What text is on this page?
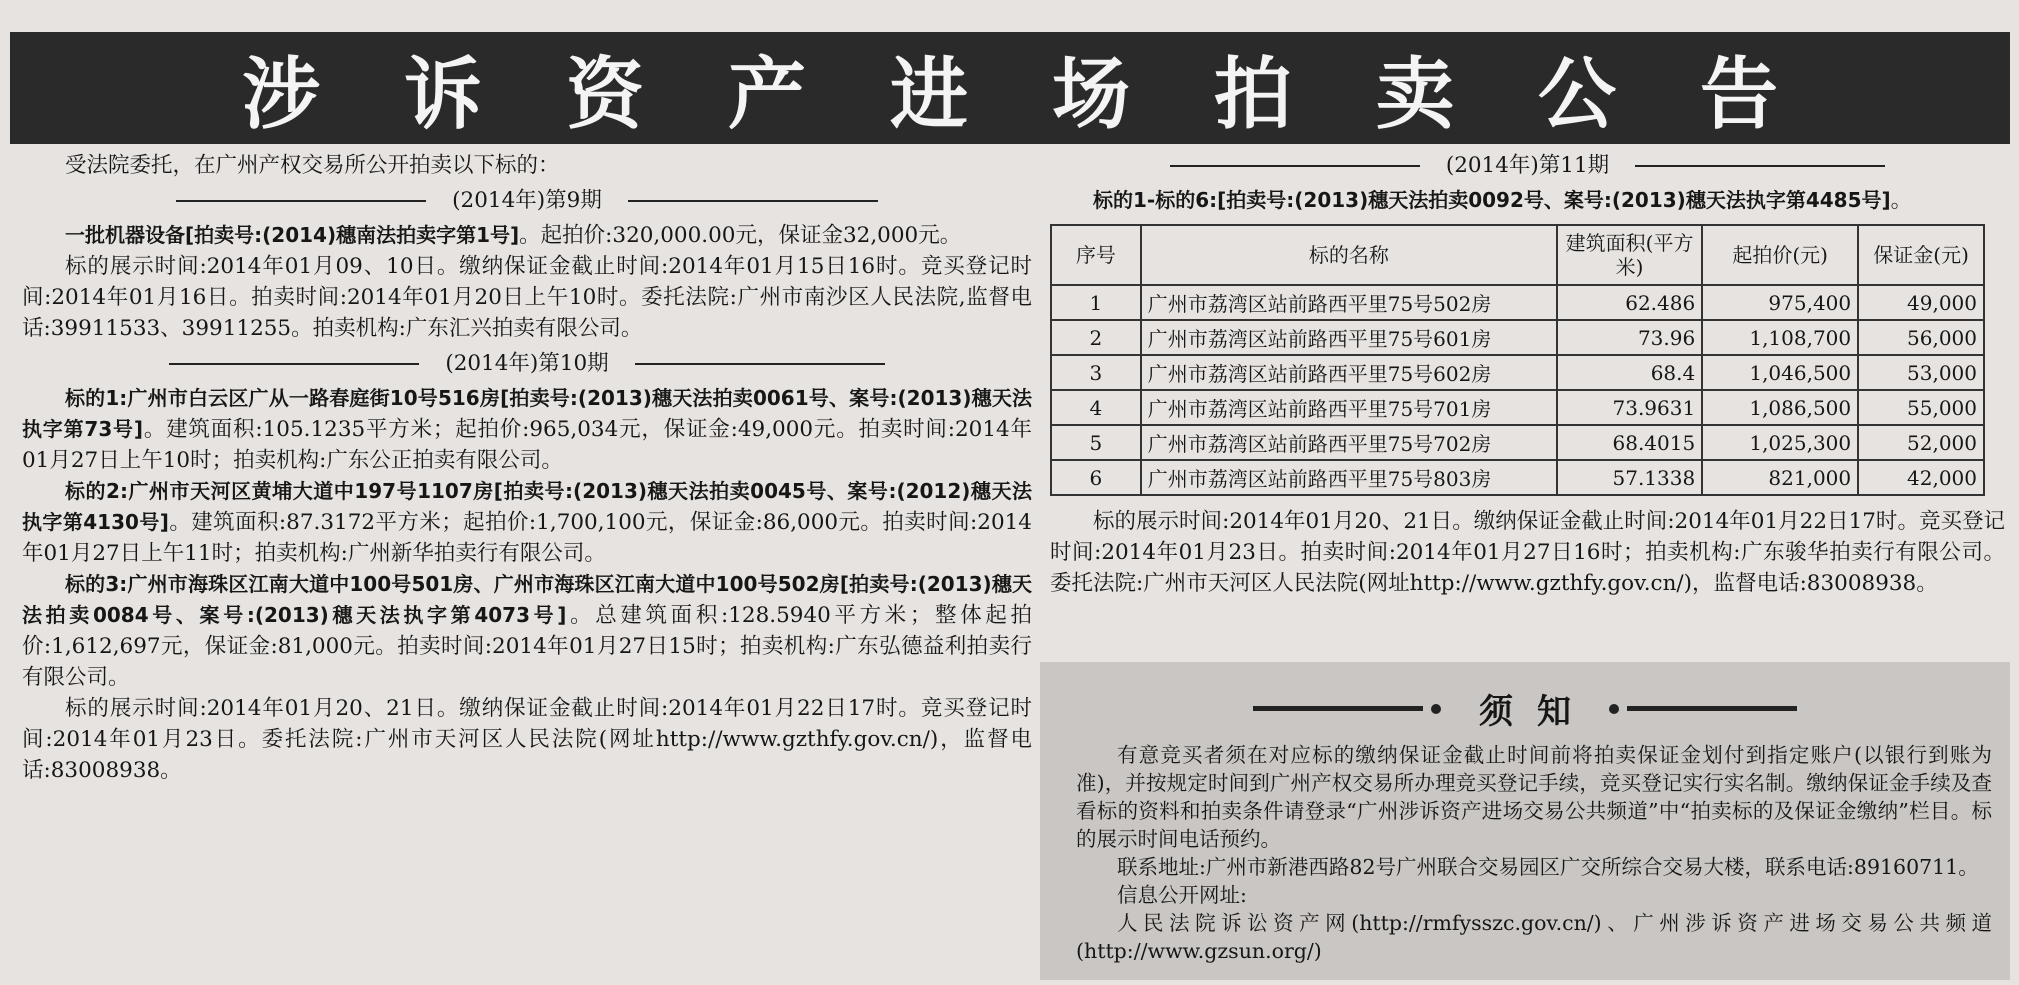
涉诉资产进场拍卖公告

受法院委托，在广州产权交易所公开拍卖以下标的：

(2014年)第9期

一批机器设备[拍卖号:(2014)穗南法拍卖字第1号]。起拍价:320,000.00元，保证金32,000元。

标的展示时间:2014年01月09、10日。缴纳保证金截止时间:2014年01月15日16时。竞买登记时间:2014年01月16日。拍卖时间:2014年01月20日上午10时。委托法院:广州市南沙区人民法院,监督电话:39911533、39911255。拍卖机构:广东汇兴拍卖有限公司。

(2014年)第10期

标的1:广州市白云区广从一路春庭街10号516房[拍卖号:(2013)穗天法拍卖0061号、案号:(2013)穗天法执字第73号]。建筑面积:105.1235平方米；起拍价:965,034元，保证金:49,000元。拍卖时间:2014年01月27日上午10时；拍卖机构:广东公正拍卖有限公司。

标的2:广州市天河区黄埔大道中197号1107房[拍卖号:(2013)穗天法拍卖0045号、案号:(2012)穗天法执字第4130号]。建筑面积:87.3172平方米；起拍价:1,700,100元，保证金:86,000元。拍卖时间:2014年01月27日上午11时；拍卖机构:广州新华拍卖行有限公司。

标的3:广州市海珠区江南大道中100号501房、广州市海珠区江南大道中100号502房[拍卖号:(2013)穗天法拍卖0084号、案号:(2013)穗天法执字第4073号]。总建筑面积:128.5940平方米；整体起拍价:1,612,697元，保证金:81,000元。拍卖时间:2014年01月27日15时；拍卖机构:广东弘德益利拍卖行有限公司。

标的展示时间:2014年01月20、21日。缴纳保证金截止时间:2014年01月22日17时。竞买登记时间:2014年01月23日。委托法院:广州市天河区人民法院(网址http://www.gzthfy.gov.cn/)，监督电话:83008938。

(2014年)第11期

标的1-标的6:[拍卖号:(2013)穗天法拍卖0092号、案号:(2013)穗天法执字第4485号]。

序号	标的名称	建筑面积(平方米)	起拍价(元)	保证金(元)
1	广州市荔湾区站前路西平里75号502房	62.486	975,400	49,000
2	广州市荔湾区站前路西平里75号601房	73.96	1,108,700	56,000
3	广州市荔湾区站前路西平里75号602房	68.4	1,046,500	53,000
4	广州市荔湾区站前路西平里75号701房	73.9631	1,086,500	55,000
5	广州市荔湾区站前路西平里75号702房	68.4015	1,025,300	52,000
6	广州市荔湾区站前路西平里75号803房	57.1338	821,000	42,000

标的展示时间:2014年01月20、21日。缴纳保证金截止时间:2014年01月22日17时。竞买登记时间:2014年01月23日。拍卖时间:2014年01月27日16时；拍卖机构:广东骏华拍卖行有限公司。委托法院:广州市天河区人民法院(网址http://www.gzthfy.gov.cn/)，监督电话:83008938。

须知

有意竞买者须在对应标的缴纳保证金截止时间前将拍卖保证金划付到指定账户(以银行到账为准)，并按规定时间到广州产权交易所办理竞买登记手续，竞买登记实行实名制。缴纳保证金手续及查看标的资料和拍卖条件请登录“广州涉诉资产进场交易公共频道”中“拍卖标的及保证金缴纳”栏目。标的展示时间电话预约。

联系地址:广州市新港西路82号广州联合交易园区广交所综合交易大楼，联系电话:89160711。

信息公开网址:

人民法院诉讼资产网(http://rmfysszc.gov.cn/)、广州涉诉资产进场交易公共频道(http://www.gzsun.org/)
